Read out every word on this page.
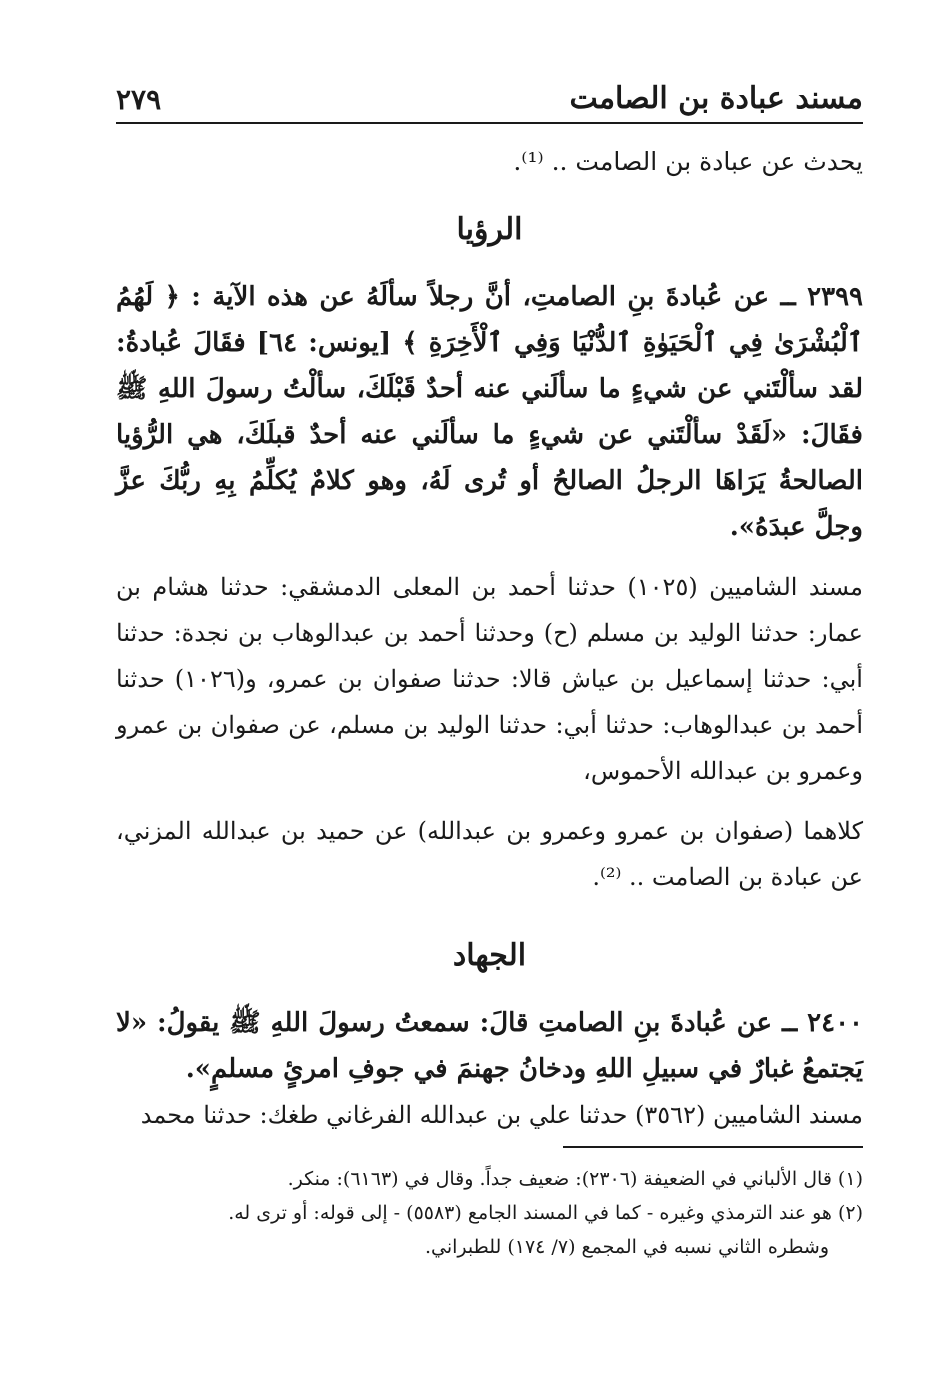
٢٧٩	مسند عبادة بن الصامت

يحدث عن عبادة بن الصامت .. ⁽¹⁾.

الرؤيا

٢٣٩٩ ــ عن عُبادةَ بنِ الصامتِ، أنَّ رجلاً سألَهُ عن هذه الآية : ﴿ لَهُمُ ٱلْبُشْرَىٰ فِي ٱلْحَيَوٰةِ ٱلدُّنْيَا وَفِي ٱلْأَخِرَةِ ﴾ [يونس: ٦٤] فقَالَ عُبادةُ: لقد سألْتَني عن شيءٍ ما سألَني عنه أحدٌ قَبْلَكَ، سألْتُ رسولَ اللهِ ﷺ فقَالَ: «لَقَدْ سألْتَني عن شيءٍ ما سألَني عنه أحدٌ قبلَكَ، هي الرُّؤيا الصالحةُ يَرَاهَا الرجلُ الصالحُ أو تُرى لَهُ، وهو كلامٌ يُكلِّمُ بِهِ ربُّكَ عزَّ وجلَّ عبدَهُ».

مسند الشاميين (١٠٢٥) حدثنا أحمد بن المعلى الدمشقي: حدثنا هشام بن عمار: حدثنا الوليد بن مسلم (ح) وحدثنا أحمد بن عبدالوهاب بن نجدة: حدثنا أبي: حدثنا إسماعيل بن عياش قالا: حدثنا صفوان بن عمرو، و(١٠٢٦) حدثنا أحمد بن عبدالوهاب: حدثنا أبي: حدثنا الوليد بن مسلم، عن صفوان بن عمرو وعمرو بن عبدالله الأحموس،

كلاهما (صفوان بن عمرو وعمرو بن عبدالله) عن حميد بن عبدالله المزني، عن عبادة بن الصامت .. ⁽²⁾.

الجهاد

٢٤٠٠ ــ عن عُبادةَ بنِ الصامتِ قالَ: سمعتُ رسولَ اللهِ ﷺ يقولُ: «لا يَجتمعُ غبارٌ في سبيلِ اللهِ ودخانُ جهنمَ في جوفِ امرئٍ مسلمٍ».

مسند الشاميين (٣٥٦٢) حدثنا علي بن عبدالله الفرغاني طغك: حدثنا محمد

(١) قال الألباني في الضعيفة (٢٣٠٦): ضعيف جداً. وقال في (٦١٦٣): منكر.

(٢) هو عند الترمذي وغيره - كما في المسند الجامع (٥٥٨٣) - إلى قوله: أو ترى له.

وشطره الثاني نسبه في المجمع (٧/ ١٧٤) للطبراني.
